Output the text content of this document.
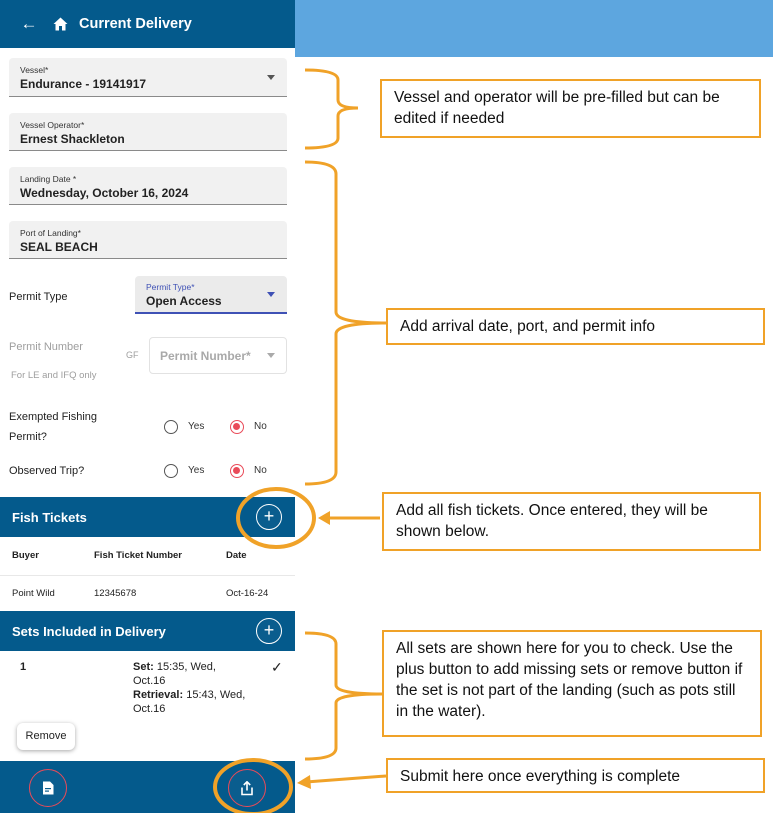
←	Current Delivery
Vessel*
Endurance - 19141917
Vessel Operator*
Ernest Shackleton
Landing Date *
Wednesday, October 16, 2024
Port of Landing*
SEAL BEACH
Permit Type
Permit Type*
Open Access
Permit Number
For LE and IFQ only
GF Permit Number*
Exempted Fishing
Permit?
Yes	No
Observed Trip?	Yes	No
Fish Tickets	+
Buyer	Fish Ticket Number	Date
Point Wild	12345678	Oct-16-24
Sets Included in Delivery	+
1	Set: 15:35, Wed,
Oct.16
Retrieval: 15:43, Wed,
Oct.16
✓
Remove
Vessel and operator will be pre-filled but can be edited if needed
Add arrival date, port, and permit info
Add all fish tickets. Once entered, they will be shown below.
All sets are shown here for you to check. Use the plus button to add missing sets or remove button if the set is not part of the landing (such as pots still in the water).
Submit here once everything is complete
